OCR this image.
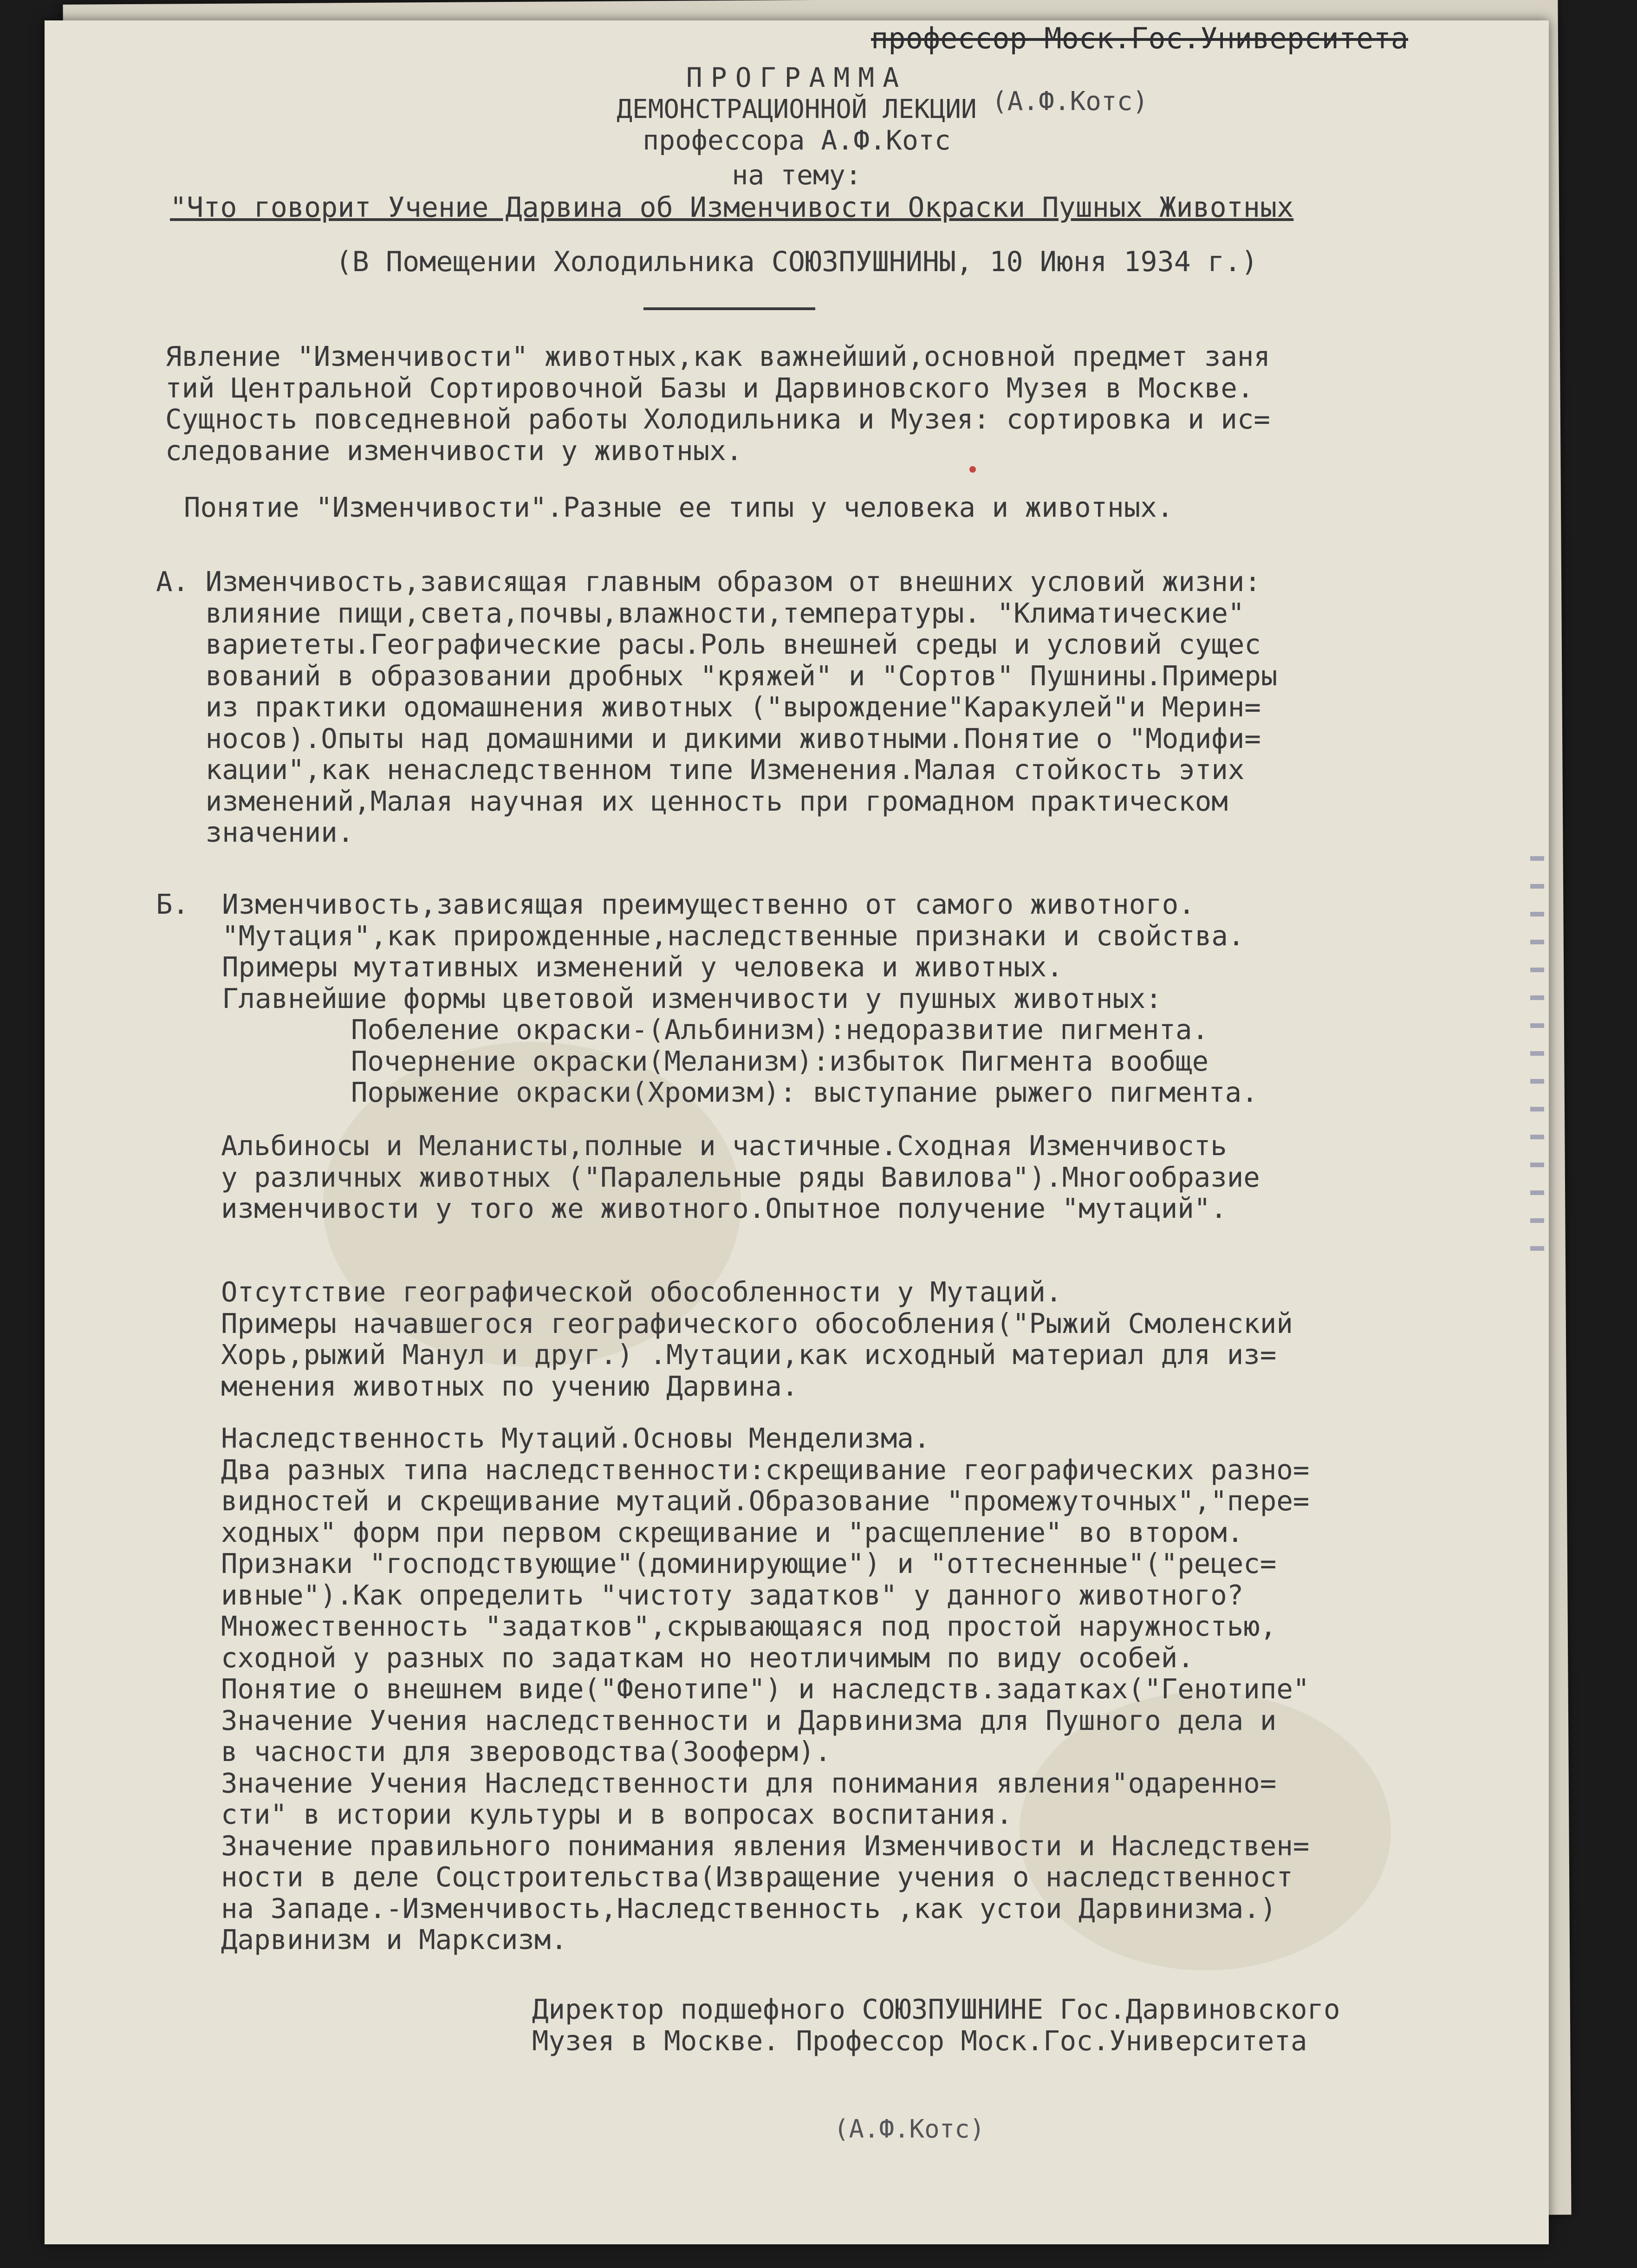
профессор Моск.Гос.Университета
ПРОГРАММА
ДЕМОНСТРАЦИОННОЙ ЛЕКЦИИ (А.Ф.Котс)
профессора А.Ф.Котс
на тему:
"Что говорит Учение Дарвина об Изменчивости Окраски Пушных Животных
(В Помещении Холодильника СОЮЗПУШНИНЫ, 10 Июня 1934 г.)
Явление "Изменчивости" животных,как важнейший,основной предмет заня
тий Центральной Сортировочной Базы и Дарвиновского Музея в Москве.
Сущность повседневной работы Холодильника и Музея: сортировка и ис=
следование изменчивости у животных.
Понятие "Изменчивости".Разные ее типы у человека и животных.
А. Изменчивость,зависящая главным образом от внешних условий жизни:
влияние пищи,света,почвы,влажности,температуры. "Климатические"
вариететы.Географические расы.Роль внешней среды и условий сущес
вований в образовании дробных "кряжей" и "Сортов" Пушнины.Примеры
из практики одомашнения животных ("вырождение"Каракулей"и Мерин=
носов).Опыты над домашними и дикими животными.Понятие о "Модифи=
кации",как ненаследственном типе Изменения.Малая стойкость этих
изменений,Малая научная их ценность при громадном практическом
значении.
Б.  Изменчивость,зависящая преимущественно от самого животного.
"Мутация",как прирожденные,наследственные признаки и свойства.
Примеры мутативных изменений у человека и животных.
Главнейшие формы цветовой изменчивости у пушных животных:
Побеление окраски-(Альбинизм):недоразвитие пигмента.
Почернение окраски(Меланизм):избыток Пигмента вообще
Порыжение окраски(Хромизм): выступание рыжего пигмента.
Альбиносы и Меланисты,полные и частичные.Сходная Изменчивость
у различных животных ("Паралельные ряды Вавилова").Многообразие
изменчивости у того же животного.Опытное получение "мутаций".
Отсутствие географической обособленности у Мутаций.
Примеры начавшегося географического обособления("Рыжий Смоленский
Хорь,рыжий Манул и друг.) .Мутации,как исходный материал для из=
менения животных по учению Дарвина.
Наследственность Мутаций.Основы Менделизма.
Два разных типа наследственности:скрещивание географических разно=
видностей и скрещивание мутаций.Образование "промежуточных","пере=
ходных" форм при первом скрещивание и "расщепление" во втором.
Признаки "господствующие"(доминирующие") и "оттесненные"("рецес=
ивные").Как определить "чистоту задатков" у данного животного?
Множественность "задатков",скрывающаяся под простой наружностью,
сходной у разных по задаткам но неотличимым по виду особей.
Понятие о внешнем виде("Фенотипе") и наследств.задатках("Генотипе"
Значение Учения наследственности и Дарвинизма для Пушного дела и
в часности для звероводства(Зооферм).
Значение Учения Наследственности для понимания явления"одаренно=
сти" в истории культуры и в вопросах воспитания.
Значение правильного понимания явления Изменчивости и Наследствен=
ности в деле Соцстроительства(Извращение учения о наследственност
на Западе.-Изменчивость,Наследственность ,как устои Дарвинизма.)
Дарвинизм и Марксизм.
Директор подшефного СОЮЗПУШНИНЕ Гос.Дарвиновского
Музея в Москве. Профессор Моск.Гос.Университета
(А.Ф.Котс)
